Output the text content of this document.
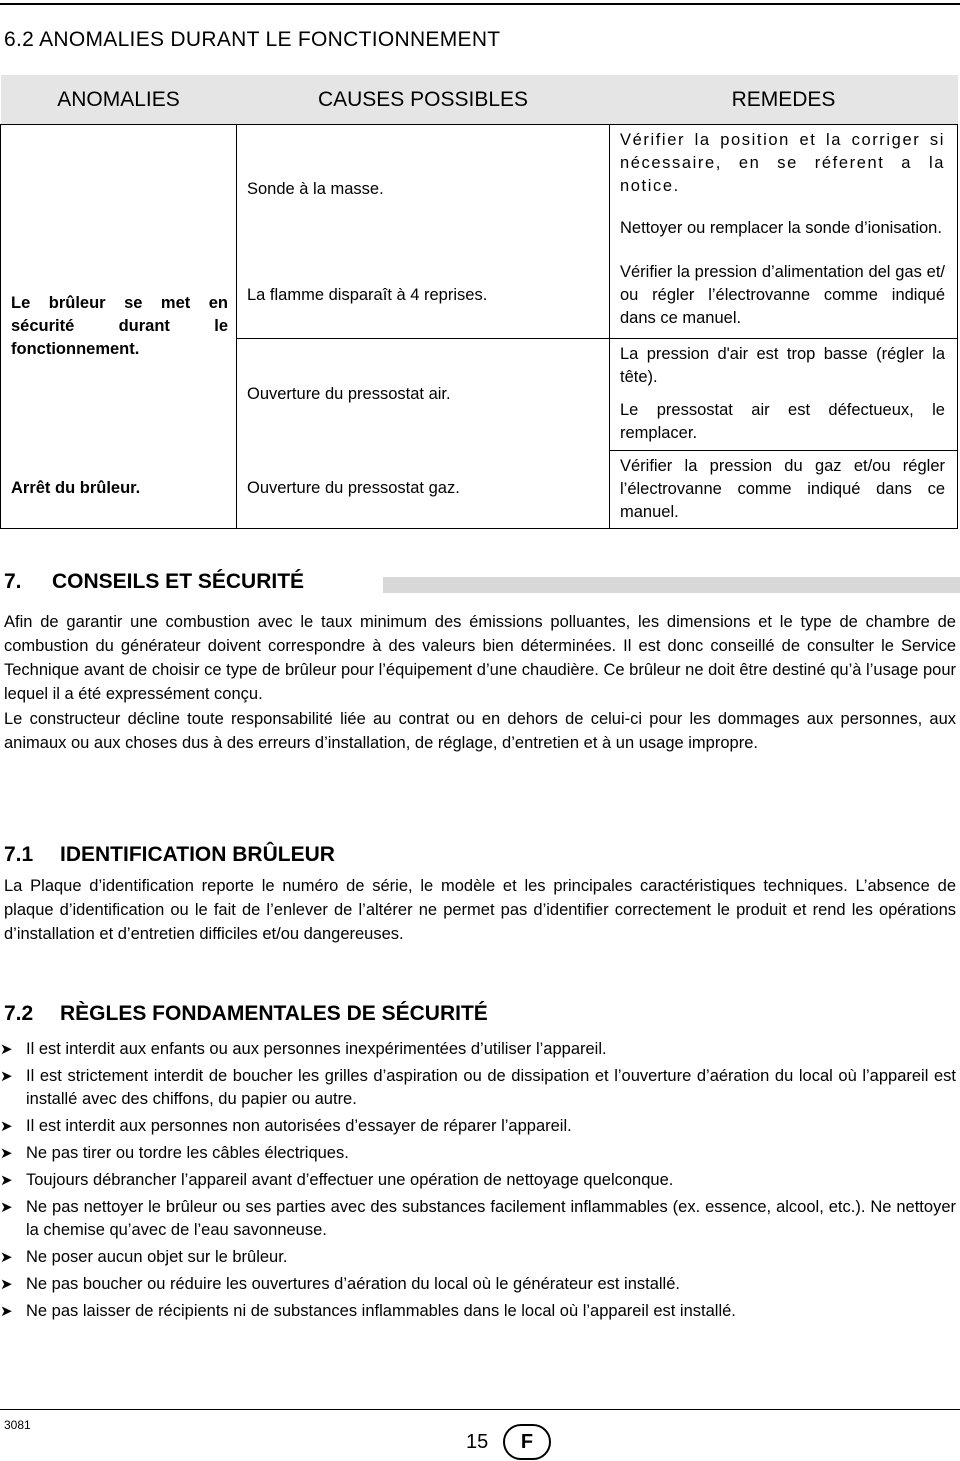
6.2 ANOMALIES DURANT LE FONCTIONNEMENT
ANOMALIES	CAUSES POSSIBLES	REMEDES

Le brûleur se met en sécurité durant le fonctionnement.	Sonde à la masse.	Vérifier la position et la corriger si nécessaire, en se réferent a la notice.
		Nettoyer ou remplacer la sonde d’ionisation.
	La flamme disparaît à 4 reprises.	Vérifier la pression d’alimentation del gas et/ ou régler l’électrovanne comme indiqué dans ce manuel.
	Ouverture du pressostat air.	La pression d'air est trop basse (régler la tête).
		Le pressostat air est défectueux, le remplacer.
Arrêt du brûleur.	Ouverture du pressostat gaz.	Vérifier la pression du gaz et/ou régler l’électrovanne comme indiqué dans ce manuel.
7. CONSEILS ET SÉCURITÉ
Afin de garantir une combustion avec le taux minimum des émissions polluantes, les dimensions et le type de chambre de combustion du générateur doivent correspondre à des valeurs bien déterminées. Il est donc conseillé de consulter le Service Technique avant de choisir ce type de brûleur pour l’équipement d’une chaudière. Ce brûleur ne doit être destiné qu’à l’usage pour lequel il a été expressément conçu.
Le constructeur décline toute responsabilité liée au contrat ou en dehors de celui-ci pour les dommages aux personnes, aux animaux ou aux choses dus à des erreurs d’installation, de réglage, d’entretien et à un usage impropre.
7.1 IDENTIFICATION BRÛLEUR
La Plaque d’identification reporte le numéro de série, le modèle et les principales caractéristiques techniques. L’absence de plaque d’identification ou le fait de l’enlever de l’altérer ne permet pas d’identifier correctement le produit et rend les opérations d’installation et d’entretien difficiles et/ou dangereuses.
7.2 RÈGLES FONDAMENTALES DE SÉCURITÉ
➤ Il est interdit aux enfants ou aux personnes inexpérimentées d’utiliser l’appareil.
➤ Il est strictement interdit de boucher les grilles d’aspiration ou de dissipation et l’ouverture d’aération du local où l’appareil est installé avec des chiffons, du papier ou autre.
➤ Il est interdit aux personnes non autorisées d’essayer de réparer l’appareil.
➤ Ne pas tirer ou tordre les câbles électriques.
➤ Toujours débrancher l’appareil avant d’effectuer une opération de nettoyage quelconque.
➤ Ne pas nettoyer le brûleur ou ses parties avec des substances facilement inflammables (ex. essence, alcool, etc.). Ne nettoyer la chemise qu’avec de l’eau savonneuse.
➤ Ne poser aucun objet sur le brûleur.
➤ Ne pas boucher ou réduire les ouvertures d’aération du local où le générateur est installé.
➤ Ne pas laisser de récipients ni de substances inflammables dans le local où l’appareil est installé.
3081
15	F
